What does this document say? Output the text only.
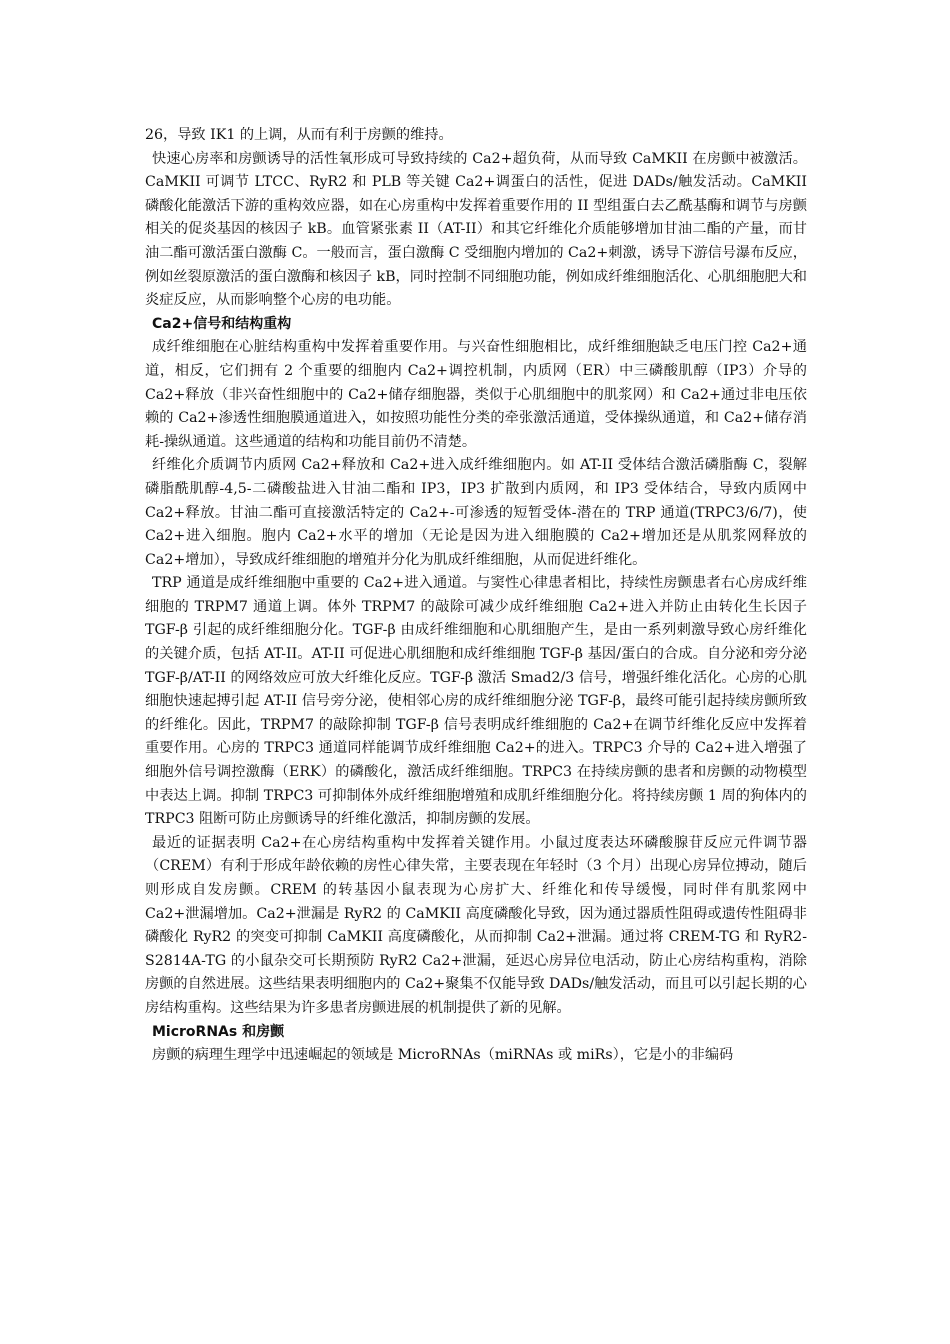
26，导致 IK1 的上调，从而有利于房颤的维持。

快速心房率和房颤诱导的活性氧形成可导致持续的 Ca2+超负荷，从而导致 CaMKII 在房颤中被激活。CaMKII 可调节 LTCC、RyR2 和 PLB 等关键 Ca2+调蛋白的活性，促进 DADs/触发活动。CaMKII 磷酸化能激活下游的重构效应器，如在心房重构中发挥着重要作用的 II 型组蛋白去乙酰基酶和调节与房颤相关的促炎基因的核因子 kB。血管紧张素 II（AT-II）和其它纤维化介质能够增加甘油二酯的产量，而甘油二酯可激活蛋白激酶 C。一般而言，蛋白激酶 C 受细胞内增加的 Ca2+刺激，诱导下游信号瀑布反应，例如丝裂原激活的蛋白激酶和核因子 kB，同时控制不同细胞功能，例如成纤维细胞活化、心肌细胞肥大和炎症反应，从而影响整个心房的电功能。

Ca2+信号和结构重构

成纤维细胞在心脏结构重构中发挥着重要作用。与兴奋性细胞相比，成纤维细胞缺乏电压门控 Ca2+通道，相反，它们拥有 2 个重要的细胞内 Ca2+调控机制，内质网（ER）中三磷酸肌醇（IP3）介导的 Ca2+释放（非兴奋性细胞中的 Ca2+储存细胞器，类似于心肌细胞中的肌浆网）和 Ca2+通过非电压依赖的 Ca2+渗透性细胞膜通道进入，如按照功能性分类的牵张激活通道，受体操纵通道，和 Ca2+储存消耗-操纵通道。这些通道的结构和功能目前仍不清楚。

纤维化介质调节内质网 Ca2+释放和 Ca2+进入成纤维细胞内。如 AT-II 受体结合激活磷脂酶 C，裂解磷脂酰肌醇-4,5-二磷酸盐进入甘油二酯和 IP3，IP3 扩散到内质网，和 IP3 受体结合，导致内质网中 Ca2+释放。甘油二酯可直接激活特定的 Ca2+-可渗透的短暂受体-潜在的 TRP 通道(TRPC3/6/7)，使 Ca2+进入细胞。胞内 Ca2+水平的增加（无论是因为进入细胞膜的 Ca2+增加还是从肌浆网释放的 Ca2+增加），导致成纤维细胞的增殖并分化为肌成纤维细胞，从而促进纤维化。

TRP 通道是成纤维细胞中重要的 Ca2+进入通道。与窦性心律患者相比，持续性房颤患者右心房成纤维细胞的 TRPM7 通道上调。体外 TRPM7 的敲除可减少成纤维细胞 Ca2+进入并防止由转化生长因子 TGF-β 引起的成纤维细胞分化。TGF-β 由成纤维细胞和心肌细胞产生，是由一系列刺激导致心房纤维化的关键介质，包括 AT-II。AT-II 可促进心肌细胞和成纤维细胞 TGF-β 基因/蛋白的合成。自分泌和旁分泌 TGF-β/AT-II 的网络效应可放大纤维化反应。TGF-β 激活 Smad2/3 信号，增强纤维化活化。心房的心肌细胞快速起搏引起 AT-II 信号旁分泌，使相邻心房的成纤维细胞分泌 TGF-β，最终可能引起持续房颤所致的纤维化。因此，TRPM7 的敲除抑制 TGF-β 信号表明成纤维细胞的 Ca2+在调节纤维化反应中发挥着重要作用。心房的 TRPC3 通道同样能调节成纤维细胞 Ca2+的进入。TRPC3 介导的 Ca2+进入增强了细胞外信号调控激酶（ERK）的磷酸化，激活成纤维细胞。TRPC3 在持续房颤的患者和房颤的动物模型中表达上调。抑制 TRPC3 可抑制体外成纤维细胞增殖和成肌纤维细胞分化。将持续房颤 1 周的狗体内的 TRPC3 阻断可防止房颤诱导的纤维化激活，抑制房颤的发展。

最近的证据表明 Ca2+在心房结构重构中发挥着关键作用。小鼠过度表达环磷酸腺苷反应元件调节器（CREM）有利于形成年龄依赖的房性心律失常，主要表现在年轻时（3 个月）出现心房异位搏动，随后则形成自发房颤。CREM 的转基因小鼠表现为心房扩大、纤维化和传导缓慢，同时伴有肌浆网中 Ca2+泄漏增加。Ca2+泄漏是 RyR2 的 CaMKII 高度磷酸化导致，因为通过器质性阻碍或遗传性阻碍非磷酸化 RyR2 的突变可抑制 CaMKII 高度磷酸化，从而抑制 Ca2+泄漏。通过将 CREM-TG 和 RyR2-S2814A-TG 的小鼠杂交可长期预防 RyR2 Ca2+泄漏，延迟心房异位电活动，防止心房结构重构，消除房颤的自然进展。这些结果表明细胞内的 Ca2+聚集不仅能导致 DADs/触发活动，而且可以引起长期的心房结构重构。这些结果为许多患者房颤进展的机制提供了新的见解。

MicroRNAs 和房颤

房颤的病理生理学中迅速崛起的领域是 MicroRNAs（miRNAs 或 miRs），它是小的非编码
